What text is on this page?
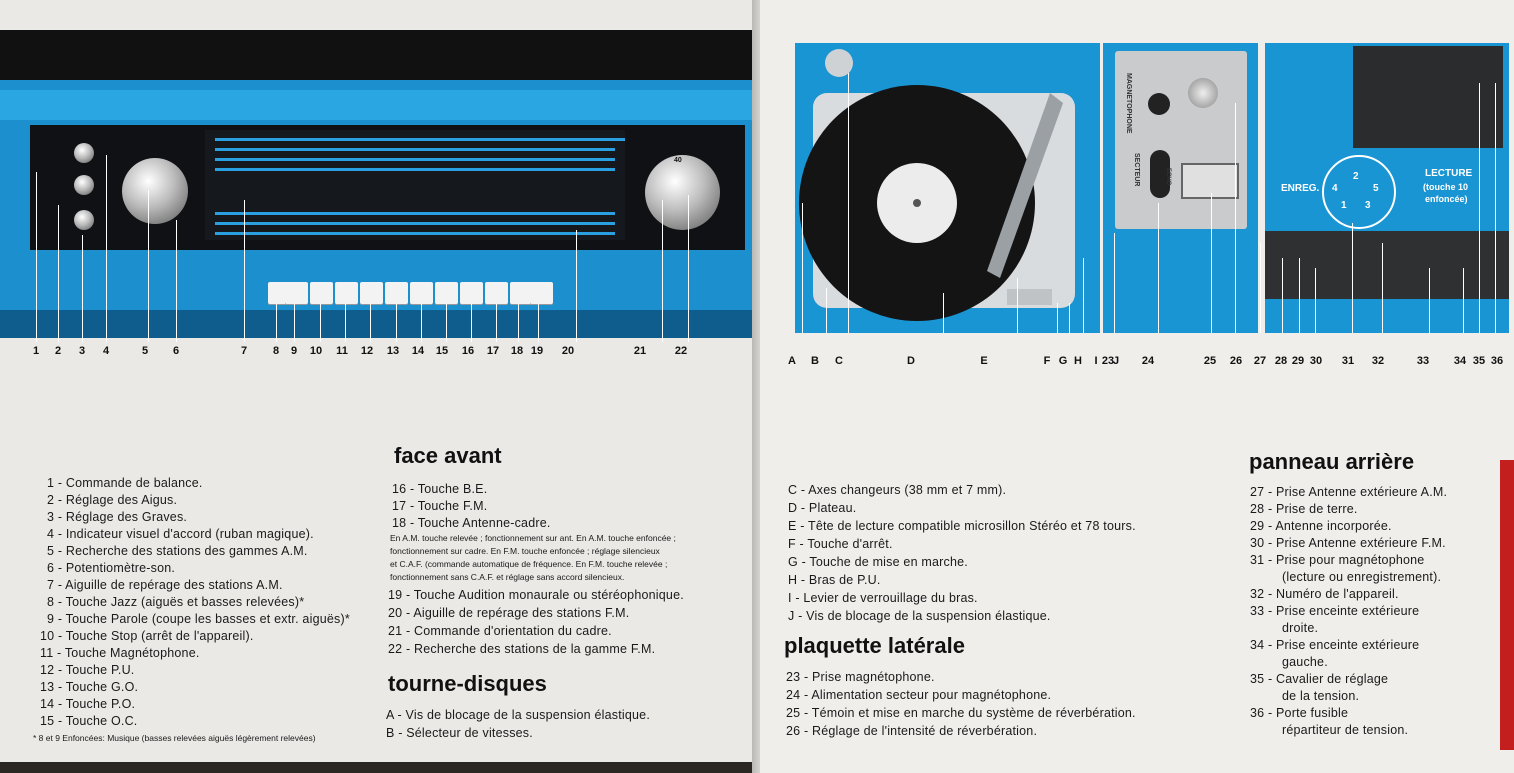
40
1 2 3 4	5 6	7 8 9 10 11 12 13 14 15 16 17 18 19 20	21	22
face avant
1 - Commande de balance.
2 - Réglage des Aigus.
3 - Réglage des Graves.
4 - Indicateur visuel d'accord (ruban magique).
5 - Recherche des stations des gammes A.M.
6 - Potentiomètre-son.
7 - Aiguille de repérage des stations A.M.
8 - Touche Jazz (aiguës et basses relevées)*
9 - Touche Parole (coupe les basses et extr. aiguës)*
10 - Touche Stop (arrêt de l'appareil).
11 - Touche Magnétophone.
12 - Touche P.U.
13 - Touche G.O.
14 - Touche P.O.
15 - Touche O.C.
* 8 et 9 Enfoncées: Musique (basses relevées aiguës légèrement relevées)
16 - Touche B.E.
17 - Touche F.M.
18 - Touche Antenne-cadre.
En A.M. touche relevée ; fonctionnement sur ant. En A.M. touche enfoncée ;
fonctionnement sur cadre. En F.M. touche enfoncée ; réglage silencieux
et C.A.F. (commande automatique de fréquence. En F.M. touche relevée ;
fonctionnement sans C.A.F. et réglage sans accord silencieux.
19 - Touche Audition monaurale ou stéréophonique.
20 - Aiguille de repérage des stations F.M.
21 - Commande d'orientation du cadre.
22 - Recherche des stations de la gamme F.M.
tourne-disques
A - Vis de blocage de la suspension élastique.
B - Sélecteur de vitesses.
MAGNETOPHONE
SECTEUR	ECHO
ENREG.
LECTURE
(touche 10
enfoncée)
2
4	5
1 3
A B C	D	E	F G H I J
23	24	25 26 27 28 29 30 31 32	33 34 35 36
C - Axes changeurs (38 mm et 7 mm).
D - Plateau.
E - Tête de lecture compatible microsillon Stéréo et 78 tours.
F - Touche d'arrêt.
G - Touche de mise en marche.
H - Bras de P.U.
I - Levier de verrouillage du bras.
J - Vis de blocage de la suspension élastique.
plaquette latérale
23 - Prise magnétophone.
24 - Alimentation secteur pour magnétophone.
25 - Témoin et mise en marche du système de réverbération.
26 - Réglage de l'intensité de réverbération.
panneau arrière
27 - Prise Antenne extérieure A.M.
28 - Prise de terre.
29 - Antenne incorporée.
30 - Prise Antenne extérieure F.M.
31 - Prise pour magnétophone
(lecture ou enregistrement).
32 - Numéro de l'appareil.
33 - Prise enceinte extérieure
droite.
34 - Prise enceinte extérieure
gauche.
35 - Cavalier de réglage
de la tension.
36 - Porte fusible
répartiteur de tension.
